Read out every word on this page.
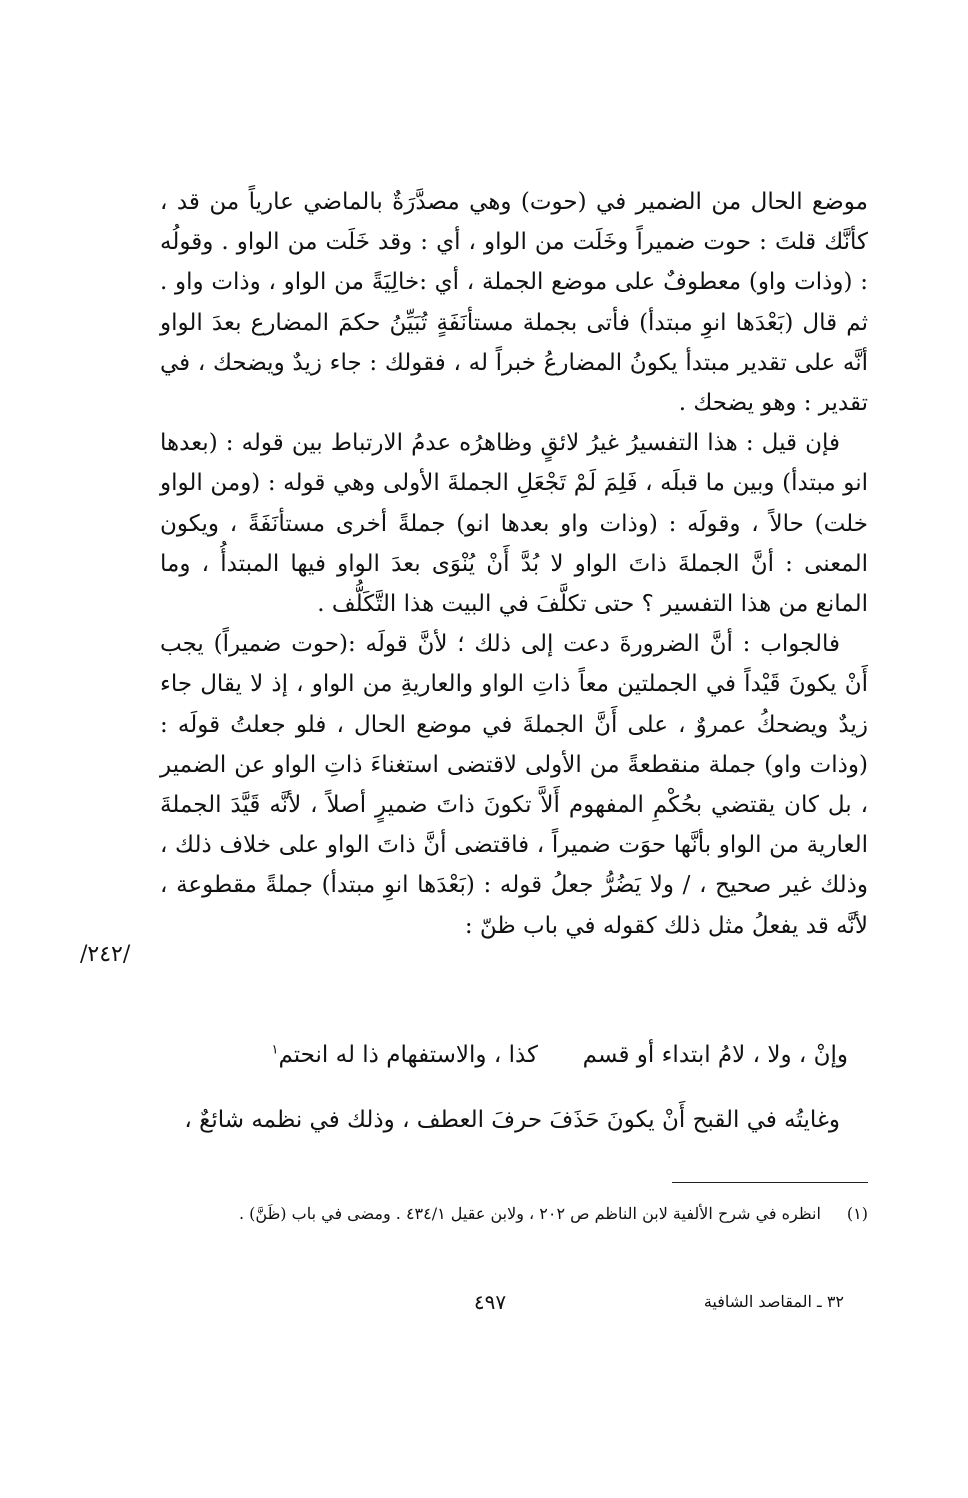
موضع الحال من الضمير في (حوت) وهي مصدَّرَةٌ بالماضي عارياً من قد ، كأنَّك قلتَ : حوت ضميراً وخَلَت من الواو ، أي : وقد خَلَت من الواو . وقولُه : (وذات واو) معطوفٌ على موضع الجملة ، أي :خالِيَةً من الواو ، وذات واو . ثم قال (بَعْدَها انوِ مبتدأ) فأتى بجملة مستأنَفَةٍ تُبَيِّنُ حكمَ المضارع بعدَ الواو أنَّه على تقدير مبتدأ يكونُ المضارعُ خبراً له ، فقولك : جاء زيدٌ ويضحك ، في تقدير : وهو يضحك .

فإن قيل : هذا التفسيرُ غيرُ لائقٍ وظاهرُه عدمُ الارتباط بين قوله : (بعدها انو مبتدأ) وبين ما قبلَه ، فَلِمَ لَمْ تَجْعَلِ الجملةَ الأولى وهي قوله : (ومن الواو خلت) حالاً ، وقولَه : (وذات واو بعدها انو) جملةً أخرى مستأنَفَةً ، ويكون المعنى : أنَّ الجملةَ ذاتَ الواو لا بُدَّ أَنْ يُنْوَى بعدَ الواو فيها المبتدأُ ، وما المانع من هذا التفسير ؟ حتى تكلَّفَ في البيت هذا التَّكَلُّف .

فالجواب : أنَّ الضرورةَ دعت إلى ذلك ؛ لأنَّ قولَه :(حوت ضميراً) يجب أَنْ يكونَ قَيْداً في الجملتين معاً ذاتِ الواو والعاريةِ من الواو ، إذ لا يقال جاء زيدٌ ويضحكُ عمروٌ ، على أَنَّ الجملةَ في موضع الحال ، فلو جعلتُ قولَه : (وذات واو) جملة منقطعةً من الأولى لاقتضى استغناءَ ذاتِ الواو عن الضمير ، بل كان يقتضي بحُكْمِ المفهوم أَلاَّ تكونَ ذاتَ ضميرٍ أصلاً ، لأنَّه قَيَّدَ الجملةَ العارية من الواو بأنَّها حوَت ضميراً ، فاقتضى أنَّ ذاتَ الواو على خلاف ذلك ، وذلك غير صحيح ، / ولا يَضُرُّ جعلُ قوله : (بَعْدَها انوِ مبتدأ) جملةً مقطوعة ، لأنَّه قد يفعلُ مثل ذلك كقوله في باب ظنّ :

/٢٤٢/
وإنْ ، ولا ، لامُ ابتداء أو قسم
كذا ، والاستفهام ذا له انحتم$^١$
وغايتُه في القبح أَنْ يكونَ حَذَفَ حرفَ العطف ، وذلك في نظمه شائعٌ ،
(١)انظره في شرح الألفية لابن الناظم ص ٢٠٢ ، ولابن عقيل ٤٣٤/١ . ومضى في باب (ظَنَّ) .
٤٩٧	٣٢ ـ المقاصد الشافية
